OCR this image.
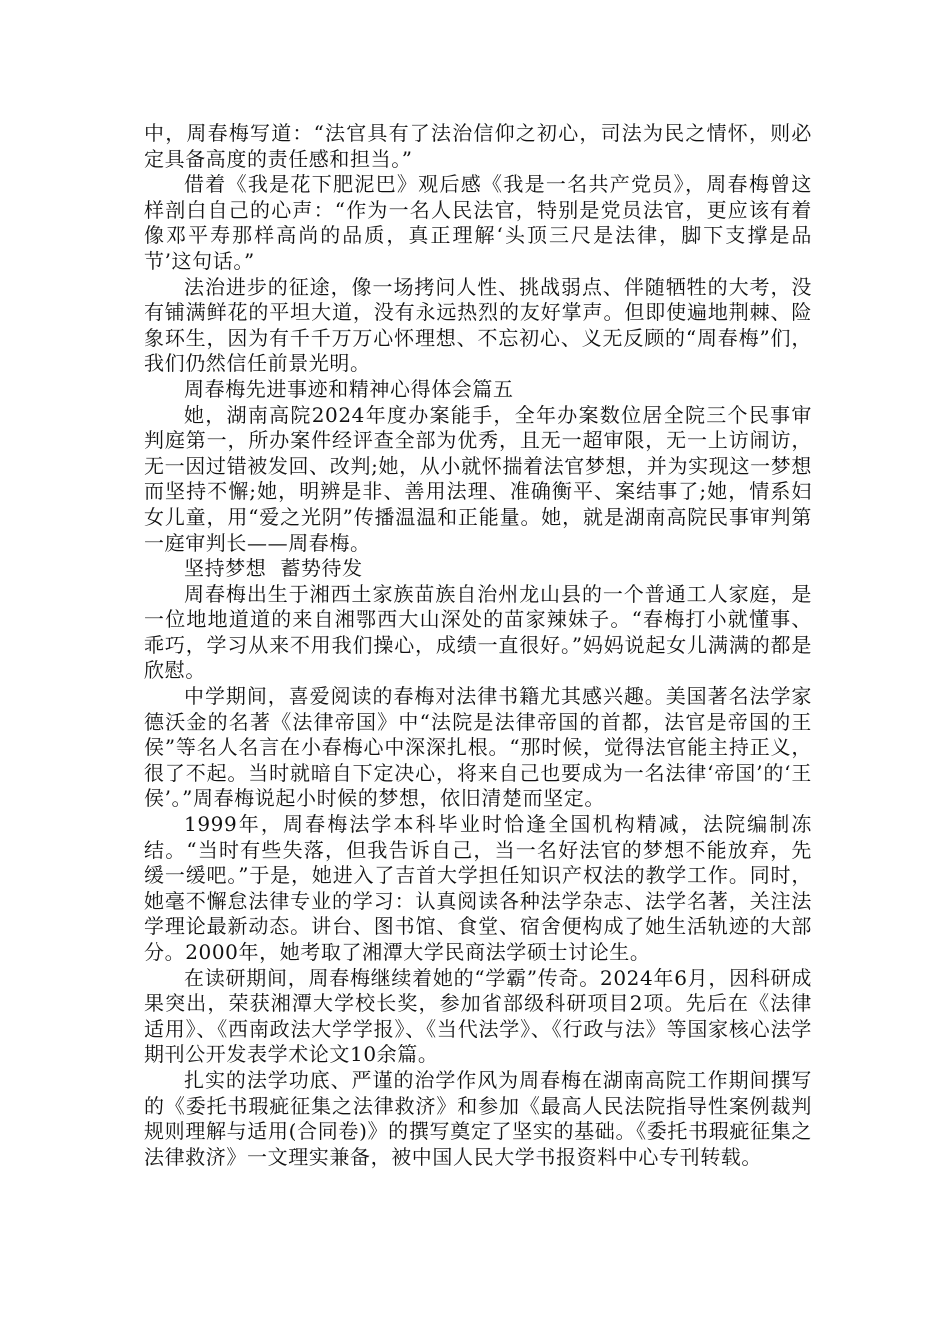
中，周春梅写道：“法官具有了法治信仰之初心，司法为民之情怀，则必定具备高度的责任感和担当。”

借着《我是花下肥泥巴》观后感《我是一名共产党员》，周春梅曾这样剖白自己的心声：“作为一名人民法官，特别是党员法官，更应该有着像邓平寿那样高尚的品质，真正理解‘头顶三尺是法律，脚下支撑是品节’这句话。”

法治进步的征途，像一场拷问人性、挑战弱点、伴随牺牲的大考，没有铺满鲜花的平坦大道，没有永远热烈的友好掌声。但即使遍地荆棘、险象环生，因为有千千万万心怀理想、不忘初心、义无反顾的“周春梅”们，我们仍然信任前景光明。

周春梅先进事迹和精神心得体会篇五

她，湖南高院2024年度办案能手，全年办案数位居全院三个民事审判庭第一，所办案件经评查全部为优秀，且无一超审限，无一上访闹访，无一因过错被发回、改判;她，从小就怀揣着法官梦想，并为实现这一梦想而坚持不懈;她，明辨是非、善用法理、准确衡平、案结事了;她，情系妇女儿童，用“爱之光阴”传播温温和正能量。她，就是湖南高院民事审判第一庭审判长——周春梅。

坚持梦想  蓄势待发

周春梅出生于湘西土家族苗族自治州龙山县的一个普通工人家庭，是一位地地道道的来自湘鄂西大山深处的苗家辣妹子。“春梅打小就懂事、乖巧，学习从来不用我们操心，成绩一直很好。”妈妈说起女儿满满的都是欣慰。

中学期间，喜爱阅读的春梅对法律书籍尤其感兴趣。美国著名法学家德沃金的名著《法律帝国》中“法院是法律帝国的首都，法官是帝国的王侯”等名人名言在小春梅心中深深扎根。“那时候，觉得法官能主持正义，很了不起。当时就暗自下定决心，将来自己也要成为一名法律‘帝国’的‘王侯’。”周春梅说起小时候的梦想，依旧清楚而坚定。

1999年，周春梅法学本科毕业时恰逢全国机构精减，法院编制冻结。“当时有些失落，但我告诉自己，当一名好法官的梦想不能放弃，先缓一缓吧。”于是，她进入了吉首大学担任知识产权法的教学工作。同时，她毫不懈怠法律专业的学习：认真阅读各种法学杂志、法学名著，关注法学理论最新动态。讲台、图书馆、食堂、宿舍便构成了她生活轨迹的大部分。2000年，她考取了湘潭大学民商法学硕士讨论生。

在读研期间，周春梅继续着她的“学霸”传奇。2024年6月，因科研成果突出，荣获湘潭大学校长奖，参加省部级科研项目2项。先后在《法律适用》、《西南政法大学学报》、《当代法学》、《行政与法》等国家核心法学期刊公开发表学术论文10余篇。

扎实的法学功底、严谨的治学作风为周春梅在湖南高院工作期间撰写的《委托书瑕疵征集之法律救济》和参加《最高人民法院指导性案例裁判规则理解与适用(合同卷)》的撰写奠定了坚实的基础。《委托书瑕疵征集之法律救济》一文理实兼备，被中国人民大学书报资料中心专刊转载。
